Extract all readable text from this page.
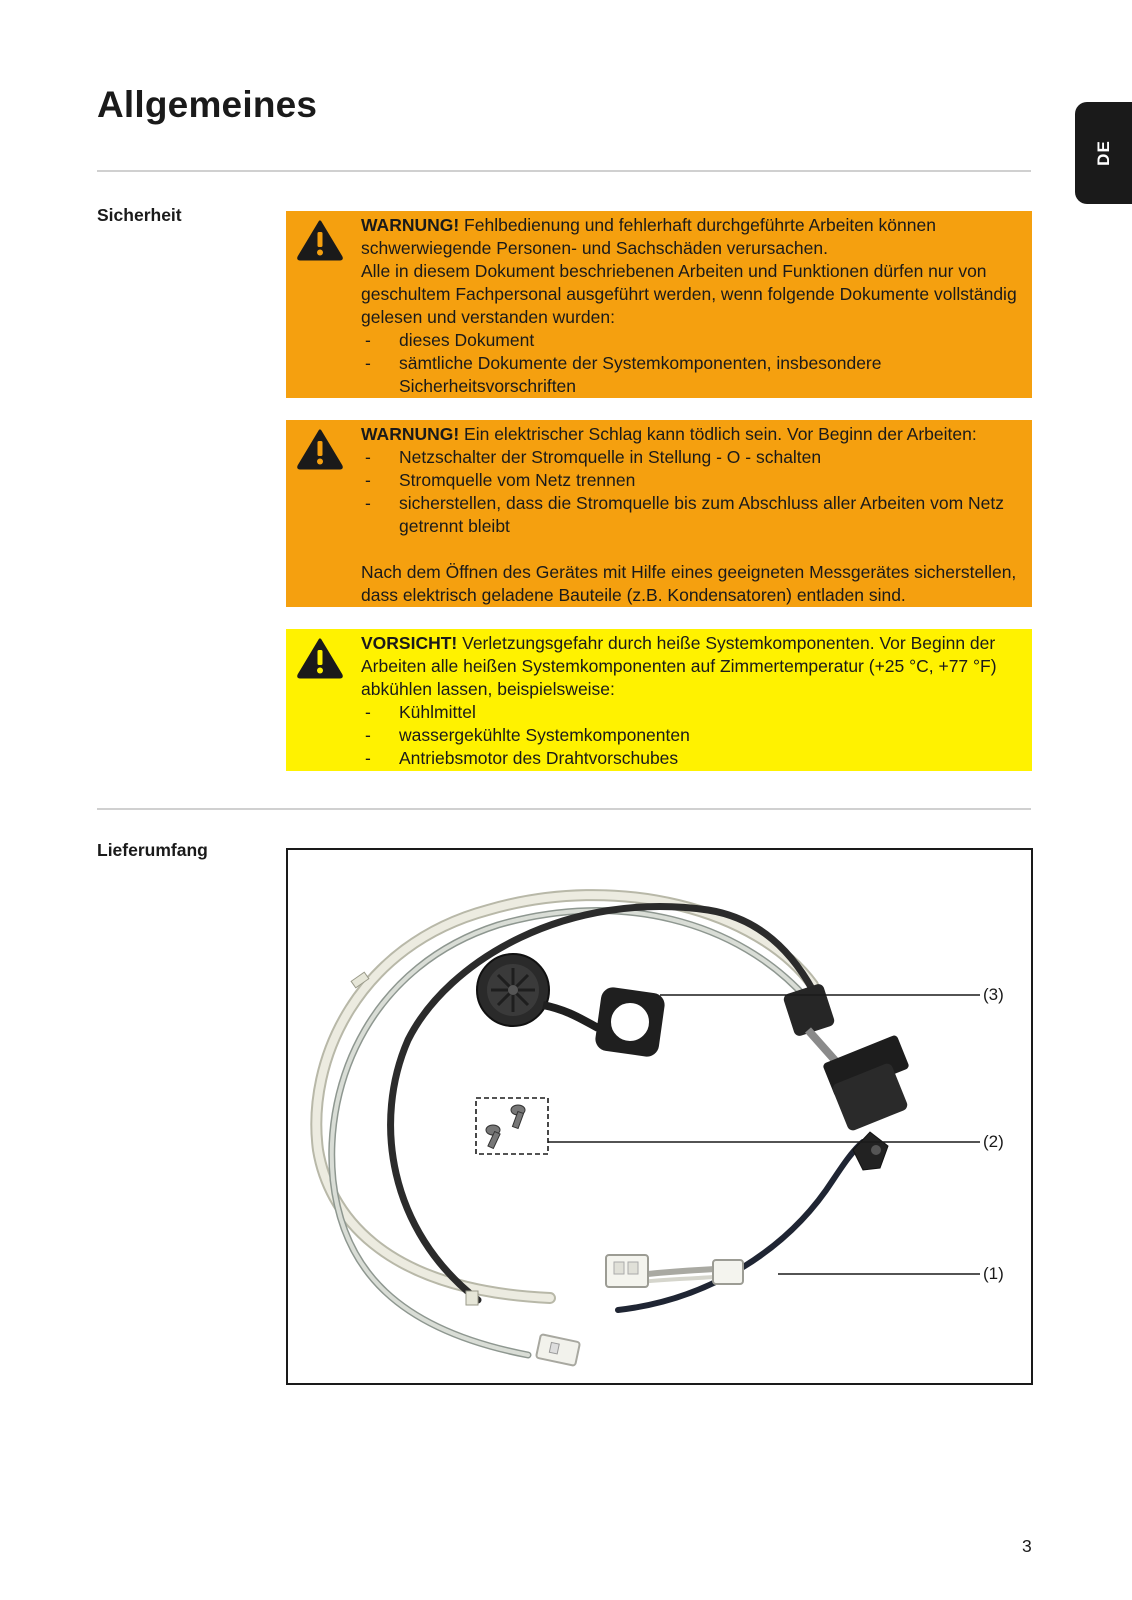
Allgemeines
DE
Sicherheit	WARNUNG! Fehlbedienung und fehlerhaft durchgeführte Arbeiten können schwerwiegende Personen- und Sachschäden verursachen.

Alle in diesem Dokument beschriebenen Arbeiten und Funktionen dürfen nur von geschultem Fachpersonal ausgeführt werden, wenn folgende Dokumente vollständig gelesen und verstanden wurden:

- dieses Dokument
- sämtliche Dokumente der Systemkomponenten, insbesondere Sicherheitsvorschriften

WARNUNG! Ein elektrischer Schlag kann tödlich sein. Vor Beginn der Arbeiten:

- Netzschalter der Stromquelle in Stellung - O - schalten
- Stromquelle vom Netz trennen
- sicherstellen, dass die Stromquelle bis zum Abschluss aller Arbeiten vom Netz getrennt bleibt

Nach dem Öffnen des Gerätes mit Hilfe eines geeigneten Messgerätes sicherstellen, dass elektrisch geladene Bauteile (z.B. Kondensatoren) entladen sind.

VORSICHT! Verletzungsgefahr durch heiße Systemkomponenten. Vor Beginn der Arbeiten alle heißen Systemkomponenten auf Zimmertemperatur (+25 °C, +77 °F) abkühlen lassen, beispielsweise:

- Kühlmittel
- wassergekühlte Systemkomponenten
- Antriebsmotor des Drahtvorschubes
Lieferumfang
(3)
(2)
(1)
3
